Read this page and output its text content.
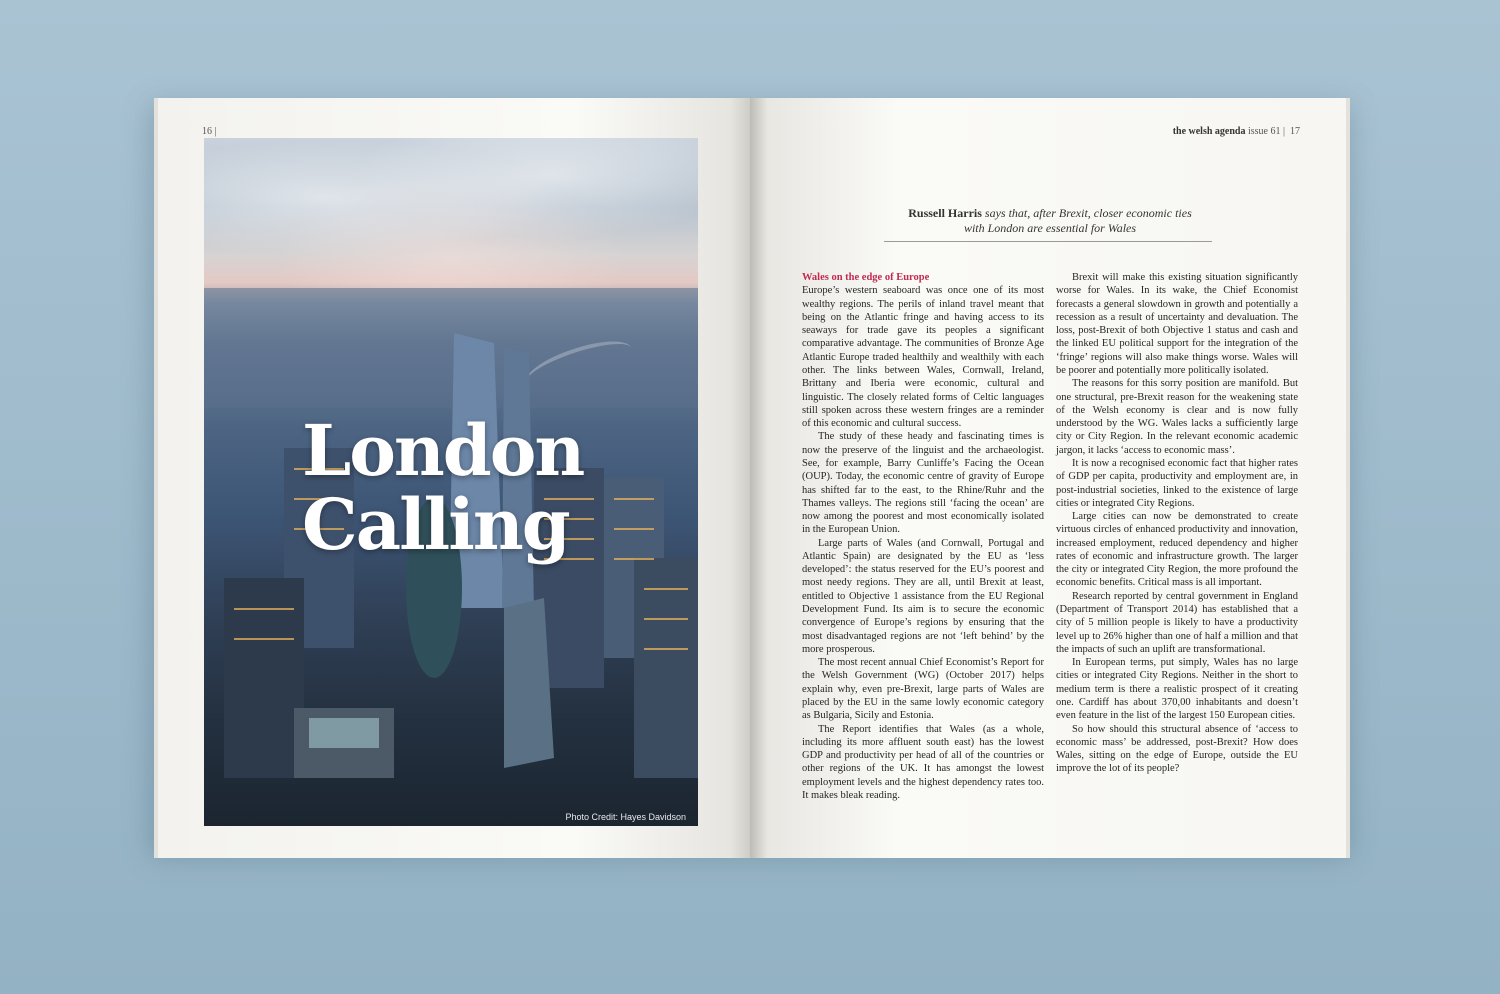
16 |
London
Calling
Photo Credit: Hayes Davidson
the welsh agenda issue 61 |  17
Russell Harris says that, after Brexit, closer economic ties
with London are essential for Wales
Wales on the edge of Europe

Europe’s western seaboard was once one of its most wealthy regions. The perils of inland travel meant that being on the Atlantic fringe and having access to its seaways for trade gave its peoples a significant comparative advantage. The communities of Bronze Age Atlantic Europe traded healthily and wealthily with each other. The links between Wales, Cornwall, Ireland, Brittany and Iberia were economic, cultural and linguistic. The closely related forms of Celtic languages still spoken across these western fringes are a reminder of this economic and cultural success.

The study of these heady and fascinating times is now the preserve of the linguist and the archaeologist. See, for example, Barry Cunliffe’s Facing the Ocean (OUP). Today, the economic centre of gravity of Europe has shifted far to the east, to the Rhine/Ruhr and the Thames valleys. The regions still ‘facing the ocean’ are now among the poorest and most economically isolated in the European Union.

Large parts of Wales (and Cornwall, Portugal and Atlantic Spain) are designated by the EU as ‘less developed’: the status reserved for the EU’s poorest and most needy regions. They are all, until Brexit at least, entitled to Objective 1 assistance from the EU Regional Development Fund. Its aim is to secure the economic convergence of Europe’s regions by ensuring that the most disadvantaged regions are not ‘left behind’ by the more prosperous.

The most recent annual Chief Economist’s Report for the Welsh Government (WG) (October 2017) helps explain why, even pre-Brexit, large parts of Wales are placed by the EU in the same lowly economic category as Bulgaria, Sicily and Estonia.

The Report identifies that Wales (as a whole, including its more affluent south east) has the lowest GDP and productivity per head of all of the countries or other regions of the UK. It has amongst the lowest employment levels and the highest dependency rates too. It makes bleak reading.

Brexit will make this existing situation significantly worse for Wales. In its wake, the Chief Economist forecasts a general slowdown in growth and potentially a recession as a result of uncertainty and devaluation. The loss, post-Brexit of both Objective 1 status and cash and the linked EU political support for the integration of the ‘fringe’ regions will also make things worse. Wales will be poorer and potentially more politically isolated.

The reasons for this sorry position are manifold. But one structural, pre-Brexit reason for the weakening state of the Welsh economy is clear and is now fully understood by the WG. Wales lacks a sufficiently large city or City Region. In the relevant economic academic jargon, it lacks ‘access to economic mass’.

It is now a recognised economic fact that higher rates of GDP per capita, productivity and employment are, in post-industrial societies, linked to the existence of large cities or integrated City Regions.

Large cities can now be demonstrated to create virtuous circles of enhanced productivity and innovation, increased employment, reduced dependency and higher rates of economic and infrastructure growth. The larger the city or integrated City Region, the more profound the economic benefits. Critical mass is all important.

Research reported by central government in England (Department of Transport 2014) has established that a city of 5 million people is likely to have a productivity level up to 26% higher than one of half a million and that the impacts of such an uplift are transformational.

In European terms, put simply, Wales has no large cities or integrated City Regions. Neither in the short to medium term is there a realistic prospect of it creating one. Cardiff has about 370,00 inhabitants and doesn’t even feature in the list of the largest 150 European cities.

So how should this structural absence of ‘access to economic mass’ be addressed, post-Brexit? How does Wales, sitting on the edge of Europe, outside the EU improve the lot of its people?
